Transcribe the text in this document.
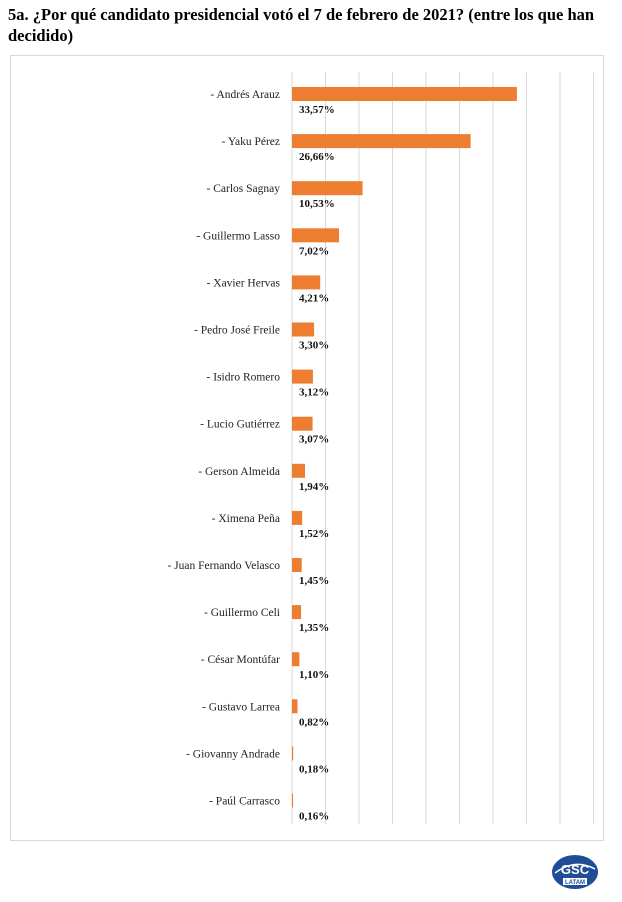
5a. ¿Por qué candidato presidencial votó el 7 de febrero de 2021? (entre los que han decidido)
- Andrés Arauz
- Yaku Pérez
- Carlos Sagnay
- Guillermo Lasso
- Xavier Hervas
- Pedro José Freile
- Isidro Romero
- Lucio Gutiérrez
- Gerson Almeida
- Ximena Peña
- Juan Fernando Velasco
- Guillermo Celi
- César Montúfar
- Gustavo Larrea
- Giovanny Andrade
- Paúl Carrasco
33,57%
26,66%
10,53%
7,02%
4,21%
3,30%
3,12%
3,07%
1,94%
1,52%
1,45%
1,35%
1,10%
0,82%
0,18%
0,16%
GSC
LATAM
